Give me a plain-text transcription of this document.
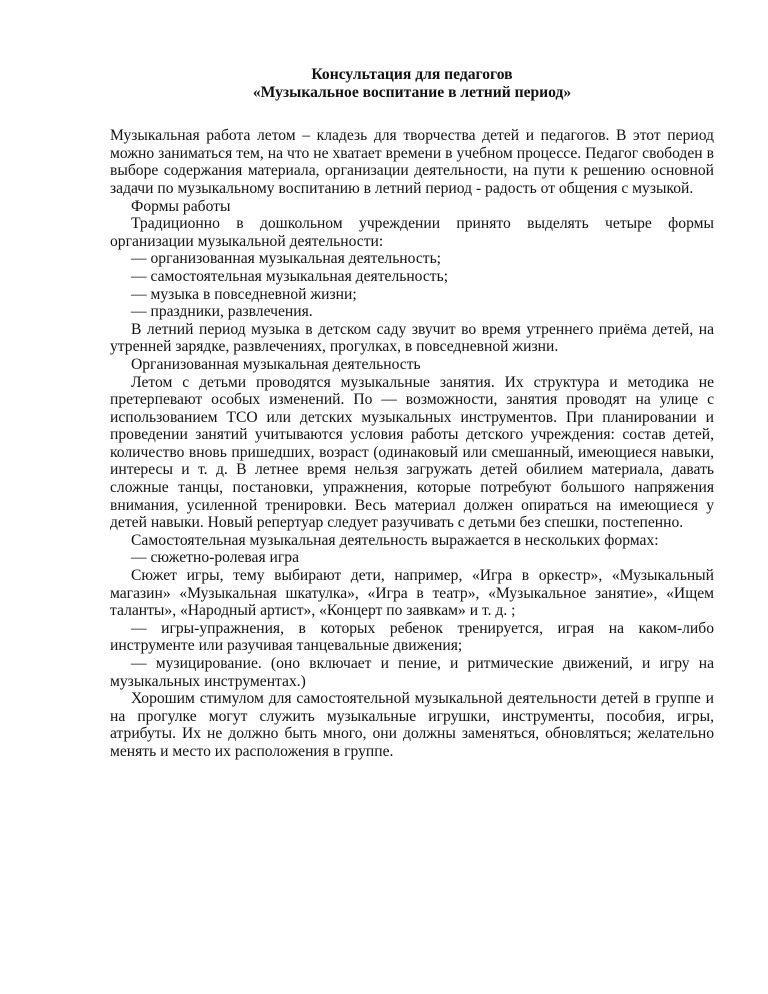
Консультация для педагогов

«Музыкальное воспитание в летний период»

Музыкальная работа летом – кладезь для творчества детей и педагогов. В этот период можно заниматься тем, на что не хватает времени в учебном процессе. Педагог свободен в выборе содержания материала, организации деятельности, на пути к решению основной задачи по музыкальному воспитанию в летний период - радость от общения с музыкой.

Формы работы

Традиционно в дошкольном учреждении принято выделять четыре формы организации музыкальной деятельности:

— организованная музыкальная деятельность;

— самостоятельная музыкальная деятельность;

— музыка в повседневной жизни;

— праздники, развлечения.

В летний период музыка в детском саду звучит во время утреннего приёма детей, на утренней зарядке, развлечениях, прогулках, в повседневной жизни.

Организованная музыкальная деятельность

Летом с детьми проводятся музыкальные занятия. Их структура и методика не претерпевают особых изменений. По — возможности, занятия проводят на улице с использованием ТСО или детских музыкальных инструментов. При планировании и проведении занятий учитываются условия работы детского учреждения: состав детей, количество вновь пришедших, возраст (одинаковый или смешанный, имеющиеся навыки, интересы и т. д. В летнее время нельзя загружать детей обилием материала, давать сложные танцы, постановки, упражнения, которые потребуют большого напряжения внимания, усиленной тренировки. Весь материал должен опираться на имеющиеся у детей навыки. Новый репертуар следует разучивать с детьми без спешки, постепенно.

Самостоятельная музыкальная деятельность выражается в нескольких формах:

— сюжетно-ролевая игра

Сюжет игры, тему выбирают дети, например, «Игра в оркестр», «Музыкальный магазин» «Музыкальная шкатулка», «Игра в театр», «Музыкальное занятие», «Ищем таланты», «Народный артист», «Концерт по заявкам» и т. д. ;

— игры-упражнения, в которых ребенок тренируется, играя на каком-либо инструменте или разучивая танцевальные движения;

— музицирование. (оно включает и пение, и ритмические движений, и игру на музыкальных инструментах.)

Хорошим стимулом для самостоятельной музыкальной деятельности детей в группе и на прогулке могут служить музыкальные игрушки, инструменты, пособия, игры, атрибуты. Их не должно быть много, они должны заменяться, обновляться; желательно менять и место их расположения в группе.
